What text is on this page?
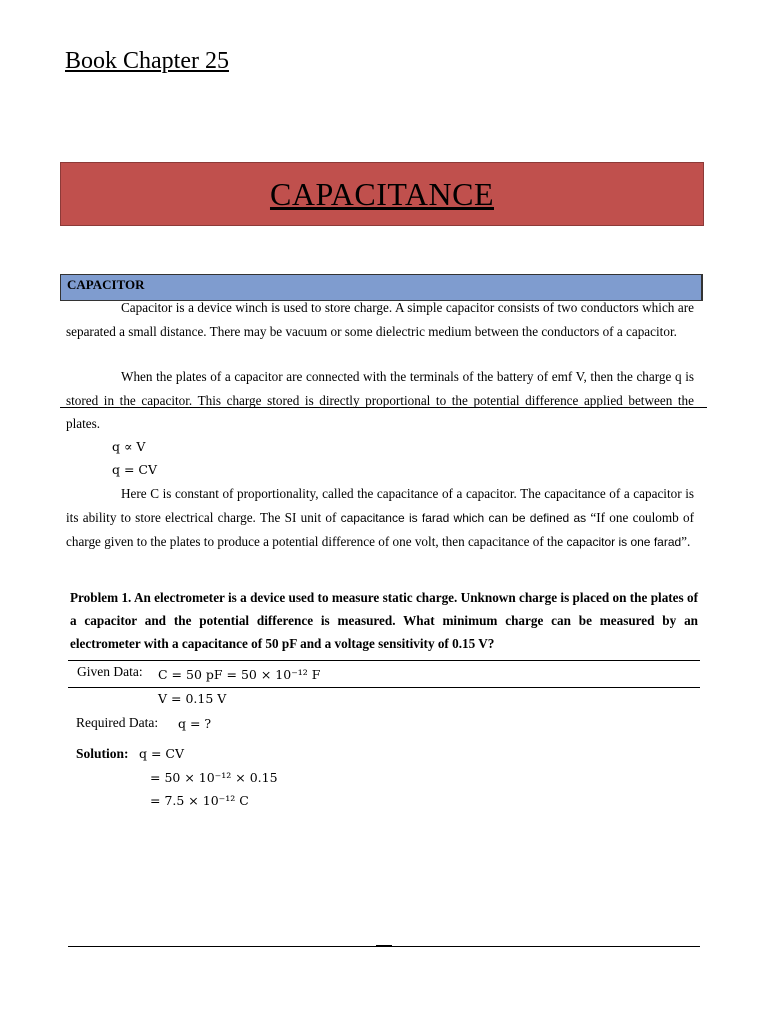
Book Chapter 25
CAPACITANCE
CAPACITOR
Capacitor is a device winch is used to store charge. A simple capacitor consists of two conductors which are separated a small distance. There may be vacuum or some dielectric medium between the conductors of a capacitor.
When the plates of a capacitor are connected with the terminals of the battery of emf V, then the charge q is stored in the capacitor. This charge stored is directly proportional to the potential difference applied between the plates.
q ∝ V
q = CV
Here C is constant of proportionality, called the capacitance of a capacitor. The capacitance of a capacitor is its ability to store electrical charge. The SI unit of capacitance is farad which can be defined as “If one coulomb of charge given to the plates to produce a potential difference of one volt, then capacitance of the capacitor is one farad”.
Problem 1. An electrometer is a device used to measure static charge. Unknown charge is placed on the plates of a capacitor and the potential difference is measured. What minimum charge can be measured by an electrometer with a capacitance of 50 pF and a voltage sensitivity of 0.15 V?
Given Data: C = 50 pF = 50 × 10⁻¹² F
V = 0.15 V
Required Data: q = ?
Solution: q = CV
= 50 × 10⁻¹² × 0.15
= 7.5 × 10⁻¹² C
